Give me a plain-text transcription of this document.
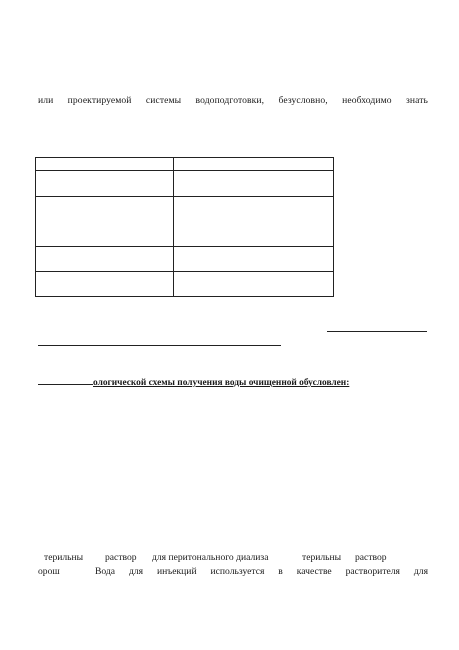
или проектируемой системы водоподготовки, безусловно, необходимо знать

ологической схемы получения воды очищенной обусловлен:
терильны раствор для перитонального диализа	терильны раствор
орош	Вода для инъекций используется в качестве растворителя для
